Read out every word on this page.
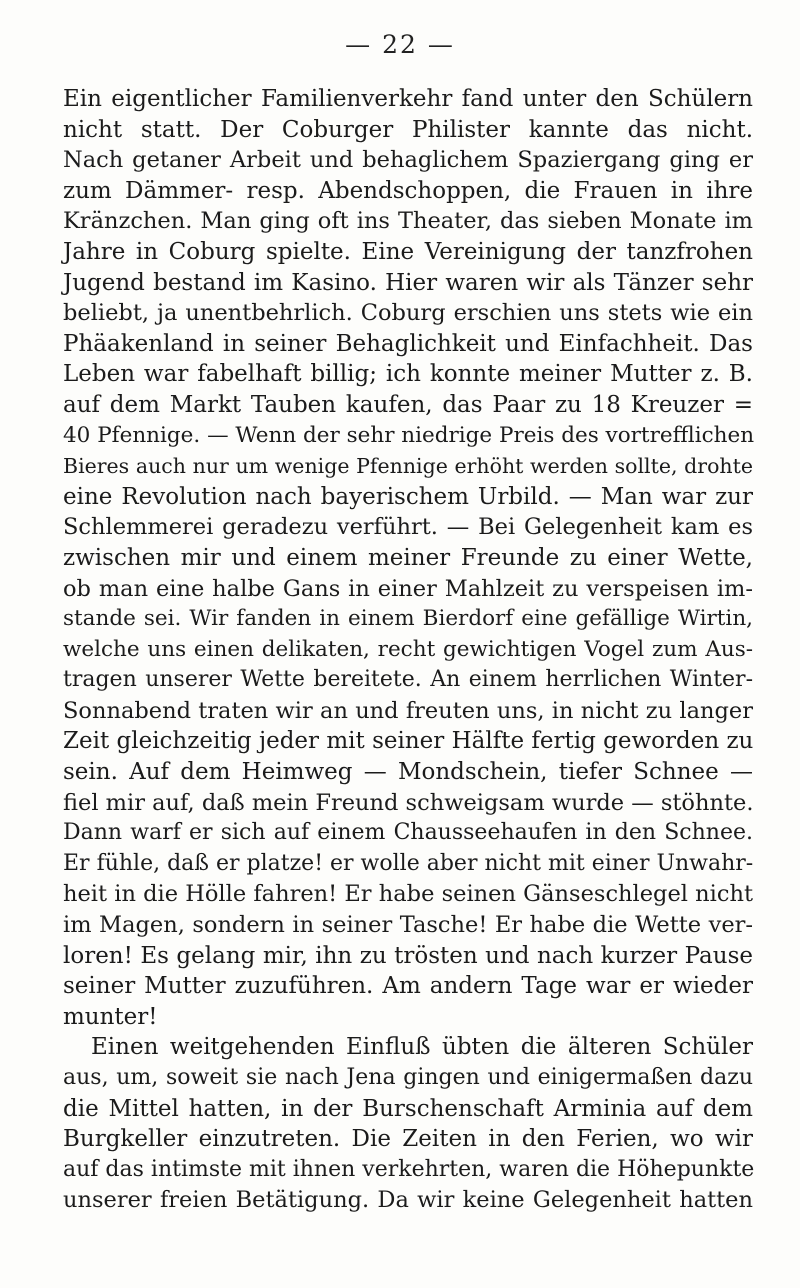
— 22 —
Ein eigentlicher Familienverkehr fand unter den Schülern
nicht statt. Der Coburger Philister kannte das nicht.
Nach getaner Arbeit und behaglichem Spaziergang ging er
zum Dämmer- resp. Abendschoppen, die Frauen in ihre
Kränzchen. Man ging oft ins Theater, das sieben Monate im
Jahre in Coburg spielte. Eine Vereinigung der tanzfrohen
Jugend bestand im Kasino. Hier waren wir als Tänzer sehr
beliebt, ja unentbehrlich. Coburg erschien uns stets wie ein
Phäakenland in seiner Behaglichkeit und Einfachheit. Das
Leben war fabelhaft billig; ich konnte meiner Mutter z. B.
auf dem Markt Tauben kaufen, das Paar zu 18 Kreuzer =
40 Pfennige. — Wenn der sehr niedrige Preis des vortrefflichen
Bieres auch nur um wenige Pfennige erhöht werden sollte, drohte
eine Revolution nach bayerischem Urbild. — Man war zur
Schlemmerei geradezu verführt. — Bei Gelegenheit kam es
zwischen mir und einem meiner Freunde zu einer Wette,
ob man eine halbe Gans in einer Mahlzeit zu verspeisen im-
stande sei. Wir fanden in einem Bierdorf eine gefällige Wirtin,
welche uns einen delikaten, recht gewichtigen Vogel zum Aus-
tragen unserer Wette bereitete. An einem herrlichen Winter-
Sonnabend traten wir an und freuten uns, in nicht zu langer
Zeit gleichzeitig jeder mit seiner Hälfte fertig geworden zu
sein. Auf dem Heimweg — Mondschein, tiefer Schnee —
fiel mir auf, daß mein Freund schweigsam wurde — stöhnte.
Dann warf er sich auf einem Chausseehaufen in den Schnee.
Er fühle, daß er platze! er wolle aber nicht mit einer Unwahr-
heit in die Hölle fahren! Er habe seinen Gänseschlegel nicht
im Magen, sondern in seiner Tasche! Er habe die Wette ver-
loren! Es gelang mir, ihn zu trösten und nach kurzer Pause
seiner Mutter zuzuführen. Am andern Tage war er wieder
munter!
Einen weitgehenden Einfluß übten die älteren Schüler
aus, um, soweit sie nach Jena gingen und einigermaßen dazu
die Mittel hatten, in der Burschenschaft Arminia auf dem
Burgkeller einzutreten. Die Zeiten in den Ferien, wo wir
auf das intimste mit ihnen verkehrten, waren die Höhepunkte
unserer freien Betätigung. Da wir keine Gelegenheit hatten
